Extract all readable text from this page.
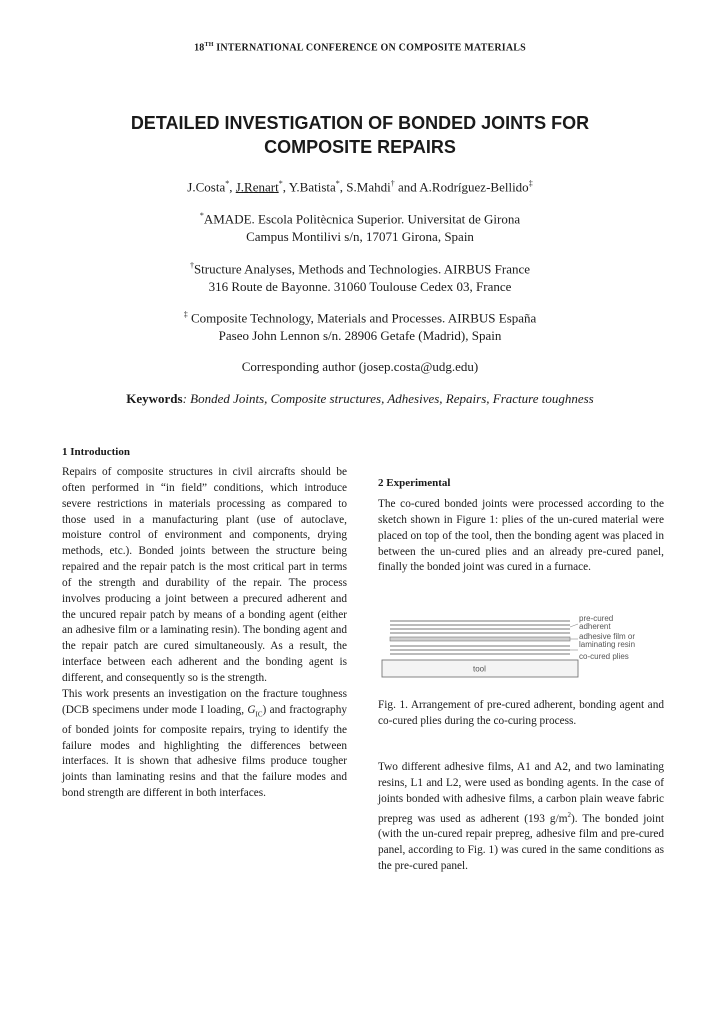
18TH INTERNATIONAL CONFERENCE ON COMPOSITE MATERIALS
DETAILED INVESTIGATION OF BONDED JOINTS FOR
COMPOSITE REPAIRS
J.Costa*, J.Renart*, Y.Batista*, S.Mahdi† and A.Rodríguez-Bellido‡
*AMADE. Escola Politècnica Superior. Universitat de Girona
Campus Montilivi s/n, 17071 Girona, Spain
†Structure Analyses, Methods and Technologies. AIRBUS France
316 Route de Bayonne. 31060 Toulouse Cedex 03, France
‡ Composite Technology, Materials and Processes. AIRBUS España
Paseo John Lennon s/n. 28906 Getafe (Madrid), Spain
Corresponding author (josep.costa@udg.edu)
Keywords: Bonded Joints, Composite structures, Adhesives, Repairs, Fracture toughness
1 Introduction

Repairs of composite structures in civil aircrafts should be often performed in “in field” conditions, which introduce severe restrictions in materials processing as compared to those used in a manufacturing plant (use of autoclave, moisture control of environment and components, drying methods, etc.). Bonded joints between the structure being repaired and the repair patch is the most critical part in terms of the strength and durability of the repair. The process involves producing a joint between a precured adherent and the uncured repair patch by means of a bonding agent (either an adhesive film or a laminating resin). The bonding agent and the repair patch are cured simultaneously. As a result, the interface between each adherent and the bonding agent is different, and consequently so is the strength.

This work presents an investigation on the fracture toughness (DCB specimens under mode I loading, $G_{IC}$) and fractography of bonded joints for composite repairs, trying to identify the failure modes and highlighting the differences between interfaces. It is shown that adhesive films produce tougher joints than laminating resins and that the failure modes and bond strength are different in both interfaces.

2 Experimental
The co-cured bonded joints were processed according to the sketch shown in Figure 1: plies of the un-cured material were placed on top of the tool, then the bonding agent was placed in between the un-cured plies and an already pre-cured panel, finally the bonded joint was cured in a furnace.
tool
pre-cured
adherent
adhesive film or
laminating resin
co-cured plies
Fig. 1. Arrangement of pre-cured adherent, bonding agent and co-cured plies during the co-curing process.
Two different adhesive films, A1 and A2, and two laminating resins, L1 and L2, were used as bonding agents. In the case of joints bonded with adhesive films, a carbon plain weave fabric prepreg was used as adherent (193 $g/m^2$). The bonded joint (with the un-cured repair prepreg, adhesive film and pre-cured panel, according to Fig. 1) was cured in the same conditions as the pre-cured panel.
